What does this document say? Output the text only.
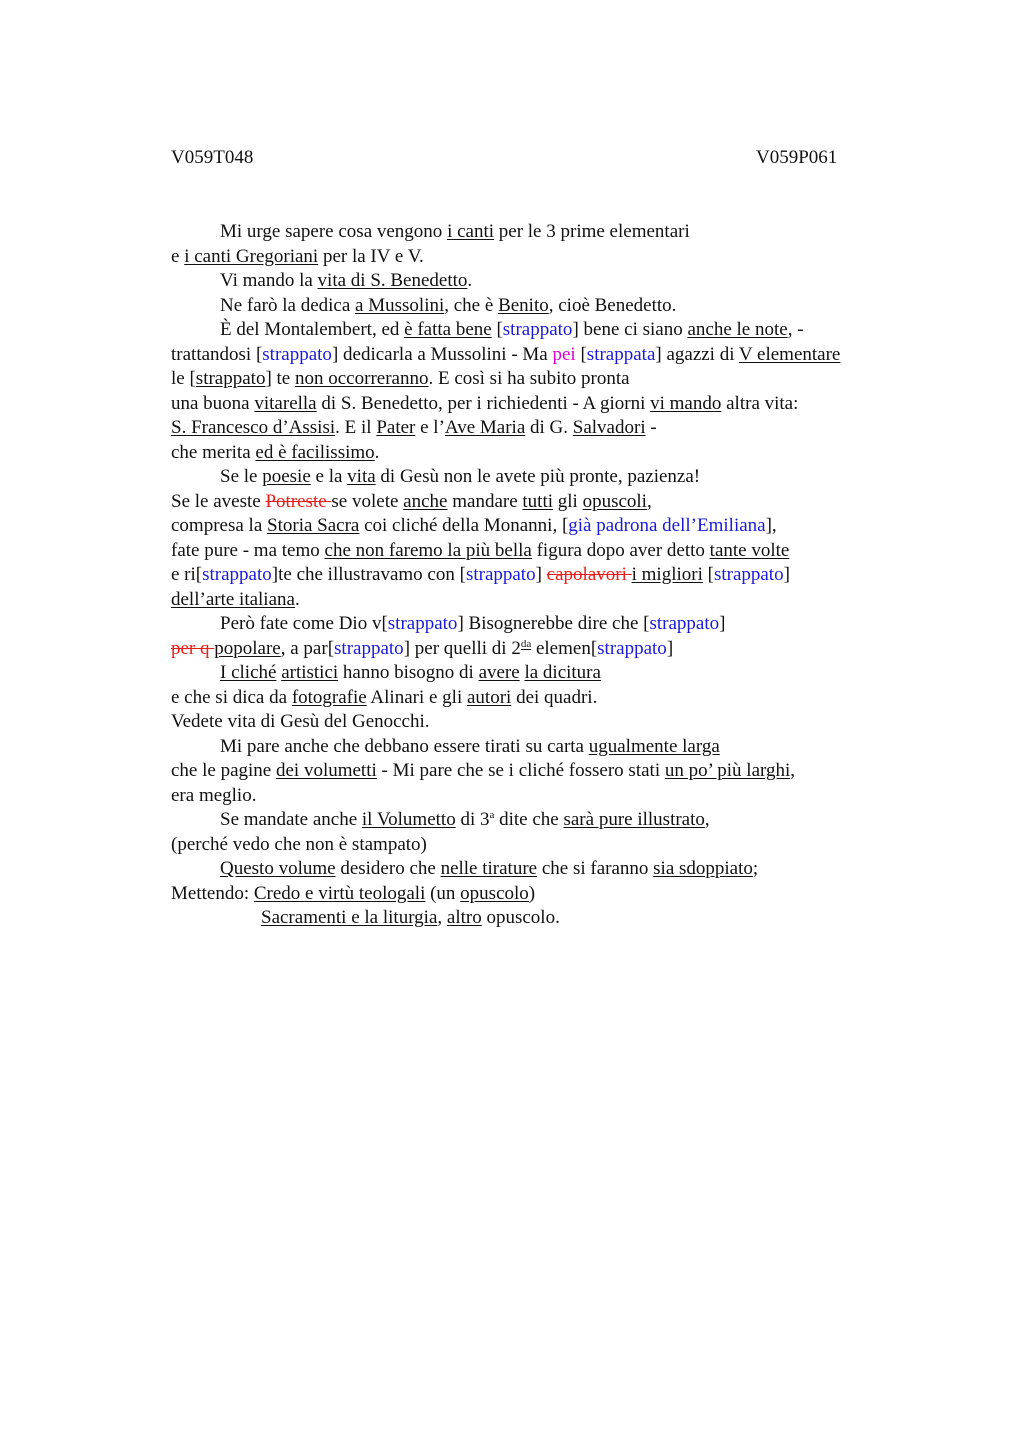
V059T048	V059P061
Mi urge sapere cosa vengono i canti per le 3 prime elementari
e i canti Gregoriani per la IV e V.
Vi mando la vita di S. Benedetto.
Ne farò la dedica a Mussolini, che è Benito, cioè Benedetto.
È del Montalembert, ed è fatta bene [strappato] bene ci siano anche le note, -
trattandosi [strappato] dedicarla a Mussolini - Ma pei [strappata] agazzi di V elementare
le [strappato] te non occorreranno. E così si ha subito pronta
una buona vitarella di S. Benedetto, per i richiedenti - A giorni vi mando altra vita:
S. Francesco d’Assisi. E il Pater e l’Ave Maria di G. Salvadori -
che merita ed è facilissimo.
Se le poesie e la vita di Gesù non le avete più pronte, pazienza!
Se le aveste Potreste se volete anche mandare tutti gli opuscoli,
compresa la Storia Sacra coi cliché della Monanni, [già padrona dell’Emiliana],
fate pure - ma temo che non faremo la più bella figura dopo aver detto tante volte
e ri[strappato]te che illustravamo con [strappato] capolavori i migliori [strappato]
dell’arte italiana.
Però fate come Dio v[strappato] Bisognerebbe dire che [strappato]
per q popolare, a par[strappato] per quelli di $2^{da}$ elemen[strappato]
I cliché artistici hanno bisogno di avere la dicitura
e che si dica da fotografie Alinari e gli autori dei quadri.
Vedete vita di Gesù del Genocchi.
Mi pare anche che debbano essere tirati su carta ugualmente larga
che le pagine dei volumetti - Mi pare che se i cliché fossero stati un po’ più larghi,
era meglio.
Se mandate anche il Volumetto di 3$^a$ dite che sarà pure illustrato,
(perché vedo che non è stampato)
Questo volume desidero che nelle tirature che si faranno sia sdoppiato;
Mettendo: Credo e virtù teologali (un opuscolo)
Sacramenti e la liturgia, altro opuscolo.
